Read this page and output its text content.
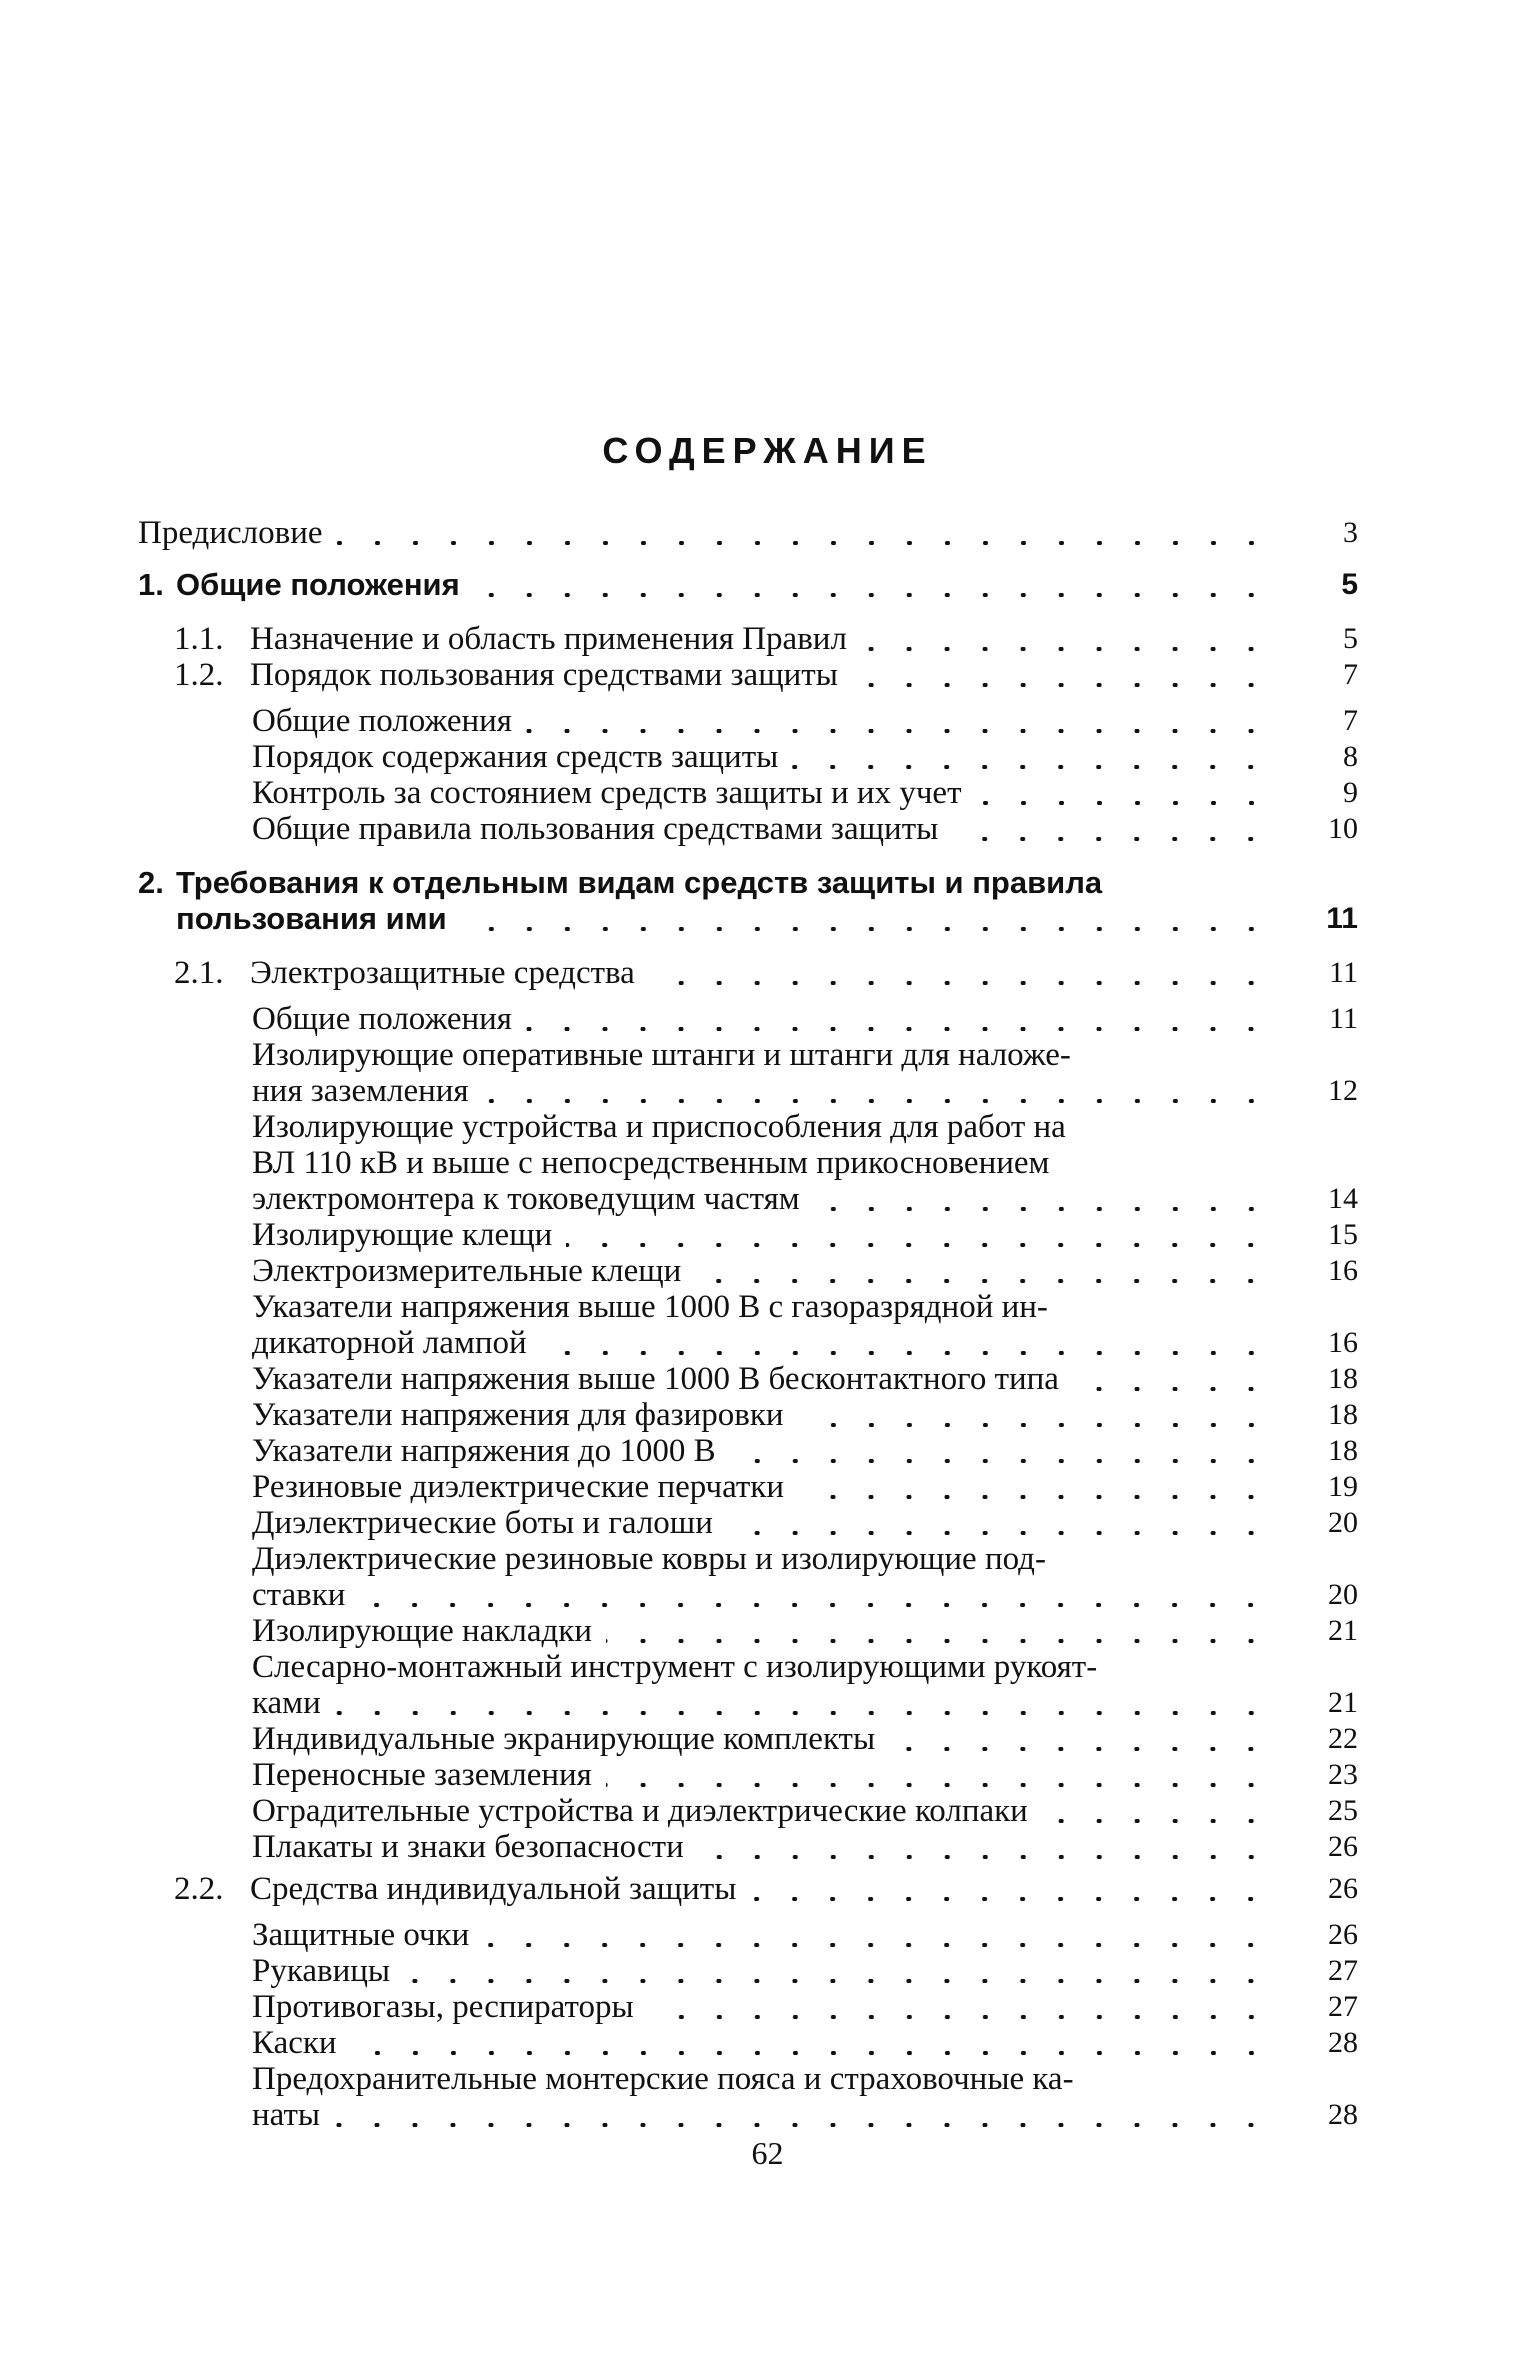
СОДЕРЖАНИЕ
Предисловие	3
1. Общие положения	5
1.1. Назначение и область применения Правил	5
1.2. Порядок пользования средствами защиты	7
Общие положения	7
Порядок содержания средств защиты	8
Контроль за состоянием средств защиты и их учет	9
Общие правила пользования средствами защиты	10
2. Требования к отдельным видам средств защиты и правила
пользования ими	11
2.1. Электрозащитные средства	11
Общие положения	11
Изолирующие оперативные штанги и штанги для наложе-
ния заземления	12
Изолирующие устройства и приспособления для работ на
ВЛ 110 кВ и выше с непосредственным прикосновением
электромонтера к токоведущим частям	14
Изолирующие клещи	15
Электроизмерительные клещи	16
Указатели напряжения выше 1000 В с газоразрядной ин-
дикаторной лампой	16
Указатели напряжения выше 1000 В бесконтактного типа	18
Указатели напряжения для фазировки	18
Указатели напряжения до 1000 В	18
Резиновые диэлектрические перчатки	19
Диэлектрические боты и галоши	20
Диэлектрические резиновые ковры и изолирующие под-
ставки	20
Изолирующие накладки	21
Слесарно-монтажный инструмент с изолирующими рукоят-
ками	21
Индивидуальные экранирующие комплекты	22
Переносные заземления	23
Оградительные устройства и диэлектрические колпаки	25
Плакаты и знаки безопасности	26
2.2. Средства индивидуальной защиты	26
Защитные очки	26
Рукавицы	27
Противогазы, респираторы	27
Каски	28
Предохранительные монтерские пояса и страховочные ка-
наты	28
62
